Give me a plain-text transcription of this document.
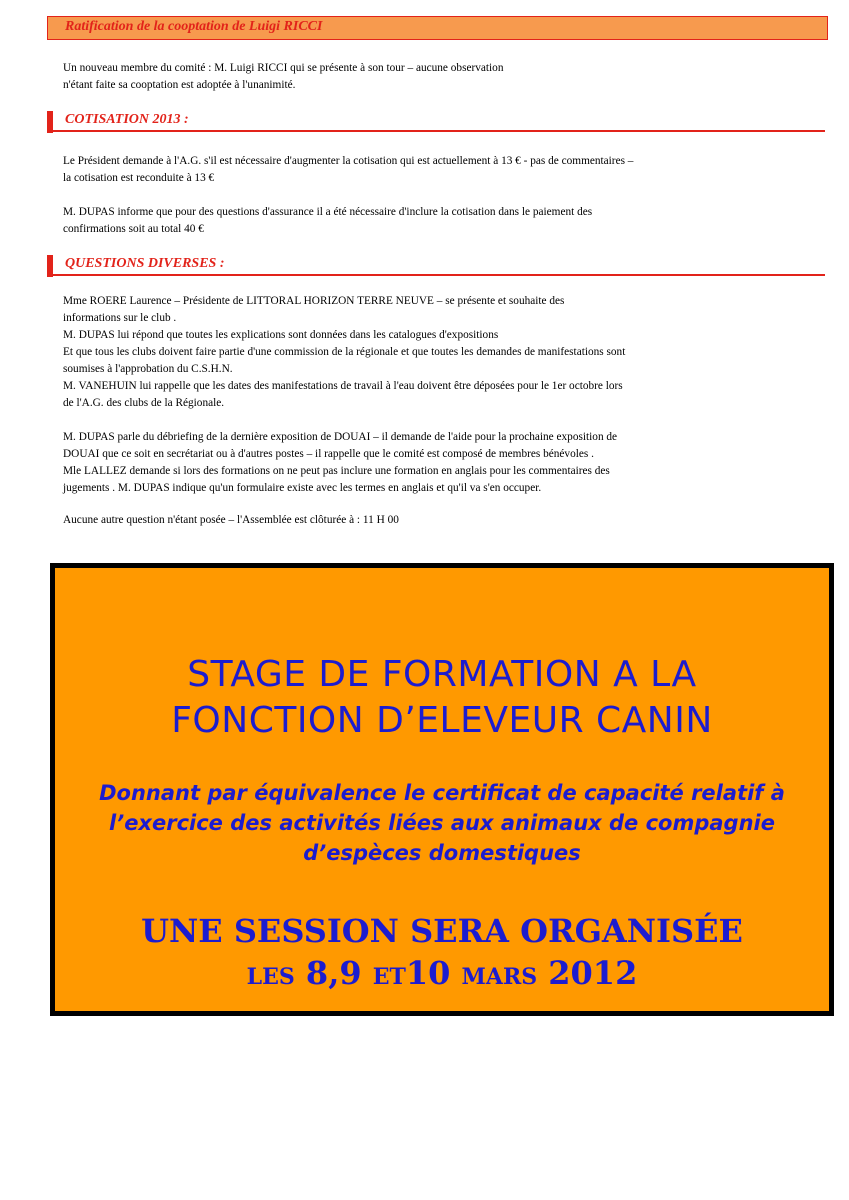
Ratification de la cooptation de Luigi RICCI
Un nouveau membre du comité : M. Luigi RICCI qui se présente à son tour – aucune observation
n'étant faite sa cooptation est adoptée à l'unanimité.
COTISATION 2013 :
Le Président demande à l'A.G. s'il est nécessaire d'augmenter la cotisation qui est actuellement à 13 € - pas de commentaires –
la cotisation est reconduite à 13 €
M. DUPAS informe que pour des questions d'assurance il a été nécessaire d'inclure la cotisation dans le paiement des
confirmations soit au total 40 €
QUESTIONS DIVERSES :
Mme ROERE Laurence – Présidente de LITTORAL HORIZON TERRE NEUVE – se présente et souhaite des
informations sur le club .
M. DUPAS lui répond que toutes les explications sont données dans les catalogues d'expositions
Et que tous les clubs doivent faire partie d'une commission de la régionale et que toutes les demandes de manifestations sont
soumises à l'approbation du C.S.H.N.
M. VANEHUIN lui rappelle que les dates des manifestations de travail à l'eau doivent être déposées pour le 1er octobre lors
de l'A.G. des clubs de la Régionale.
M. DUPAS parle du débriefing de la dernière exposition de DOUAI – il demande de l'aide pour la prochaine exposition de
DOUAI que ce soit en secrétariat ou à d'autres postes – il rappelle que le comité est composé de membres bénévoles .
Mle LALLEZ demande si lors des formations on ne peut pas inclure une formation en anglais pour les commentaires des
jugements . M. DUPAS indique qu'un formulaire existe avec les termes en anglais et qu'il va s'en occuper.
Aucune autre question n'étant posée – l'Assemblée est clôturée à : 11 H 00
STAGE DE FORMATION A LA
FONCTION D’ELEVEUR CANIN
Donnant par équivalence le certificat de capacité relatif à
l’exercice des activités liées aux animaux de compagnie
d’espèces domestiques
UNE SESSION SERA ORGANISÉE
les 8,9 et10 mars 2012
